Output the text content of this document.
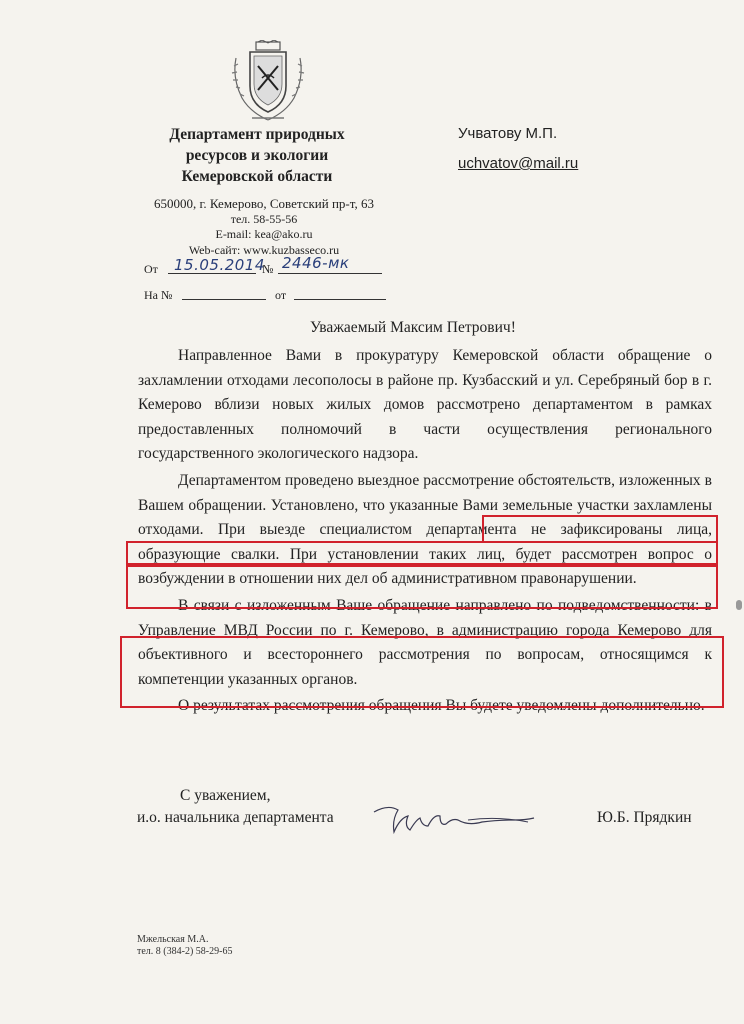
Департамент природных
ресурсов и экологии
Кемеровской области
650000, г. Кемерово, Советский пр-т, 63
тел. 58-55-56
E-mail: kea@ako.ru
Web-сайт: www.kuzbasseco.ru
Учватову М.П.
uchvatov@mail.ru
От 15.05.2014
№ 2446-мк
На №	от
Уважаемый Максим Петрович!

Направленное Вами в прокуратуру Кемеровской области обращение о захламлении отходами лесополосы в районе пр. Кузбасский и ул. Серебряный бор в г. Кемерово вблизи новых жилых домов рассмотрено департаментом в рамках предоставленных полномочий в части осуществления регионального государственного экологического надзора.

Департаментом проведено выездное рассмотрение обстоятельств, изложенных в Вашем обращении. Установлено, что указанные Вами земельные участки захламлены отходами. При выезде специалистом департамента не зафиксированы лица, образующие свалки. При установлении таких лиц, будет рассмотрен вопрос о возбуждении в отношении них дел об административном правонарушении.

В связи с изложенным Ваше обращение направлено по подведомственности: в Управление МВД России по г. Кемерово, в администрацию города Кемерово для объективного и всестороннего рассмотрения по вопросам, относящимся к компетенции указанных органов.

О результатах рассмотрения обращения Вы будете уведомлены дополнительно.

С уважением,
и.о. начальника департамента	Ю.Б. Прядкин
Мжельская М.А.
тел. 8 (384-2) 58-29-65
